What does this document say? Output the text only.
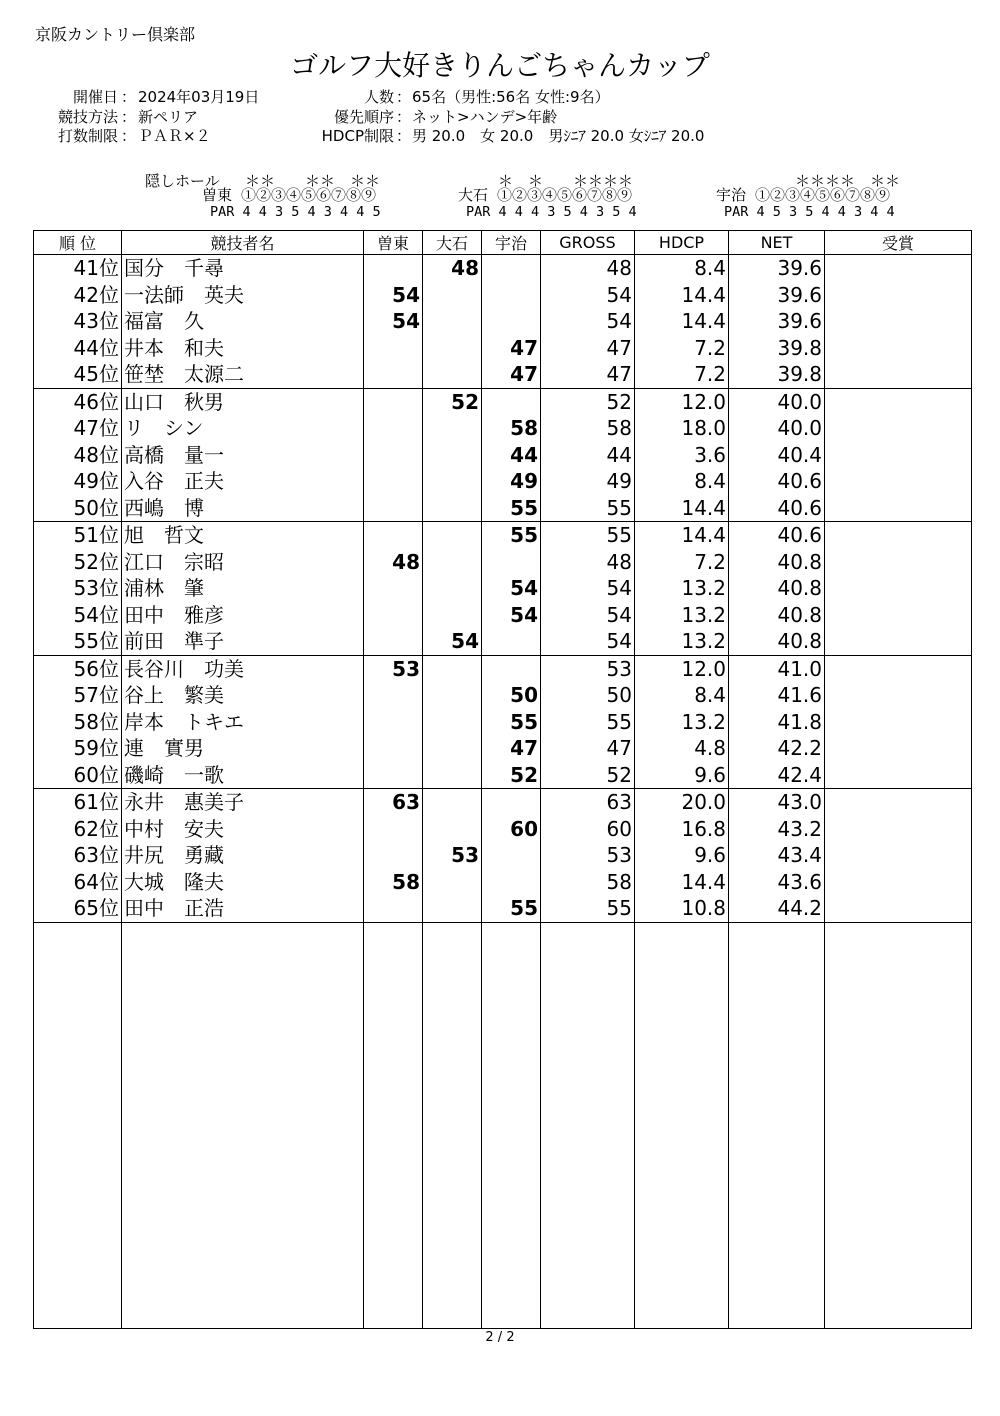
京阪カントリー倶楽部
ゴルフ大好きりんごちゃんカップ
開催日 ： 2024年03月19日
競技方法 ： 新ペリア
打数制限 ： ＰＡＲ×２
人数 ： 65名（男性:56名 女性:9名）
優先順序 ： ネット>ハンデ>年齢
HDCP制限 ： 男 20.0　女 20.0　男ｼﾆｱ 20.0 女ｼﾆｱ 20.0
隠しホール ＊＊　　＊＊　＊＊	＊　＊　　＊＊＊＊	＊＊＊＊　＊＊
曽東 ①②③④⑤⑥⑦⑧⑨
PAR 4 4 3 5 4 3 4 4 5
大石 ①②③④⑤⑥⑦⑧⑨
PAR 4 4 4 3 5 4 3 5 4
宇治 ①②③④⑤⑥⑦⑧⑨
PAR 4 5 3 5 4 4 3 4 4
順 位	競技者名	曽東	大石	宇治	GROSS	HDCP	NET	受賞
41位	国分　千尋		48		48	8.4	39.6	
42位	一法師　英夫	54			54	14.4	39.6	
43位	福富　久	54			54	14.4	39.6	
44位	井本　和夫			47	47	7.2	39.8	
45位	笹埜　太源二			47	47	7.2	39.8	
46位	山口　秋男		52		52	12.0	40.0	
47位	リ　シン			58	58	18.0	40.0	
48位	高橋　量一			44	44	3.6	40.4	
49位	入谷　正夫			49	49	8.4	40.6	
50位	西嶋　博			55	55	14.4	40.6	
51位	旭　哲文			55	55	14.4	40.6	
52位	江口　宗昭	48			48	7.2	40.8	
53位	浦林　肇			54	54	13.2	40.8	
54位	田中　雅彦			54	54	13.2	40.8	
55位	前田　準子		54		54	13.2	40.8	
56位	長谷川　功美	53			53	12.0	41.0	
57位	谷上　繁美			50	50	8.4	41.6	
58位	岸本　トキエ			55	55	13.2	41.8	
59位	連　實男			47	47	4.8	42.2	
60位	磯崎　一歌			52	52	9.6	42.4	
61位	永井　惠美子	63			63	20.0	43.0	
62位	中村　安夫			60	60	16.8	43.2	
63位	井尻　勇藏		53		53	9.6	43.4	
64位	大城　隆夫	58			58	14.4	43.6	
65位	田中　正浩			55	55	10.8	44.2	

2 / 2
